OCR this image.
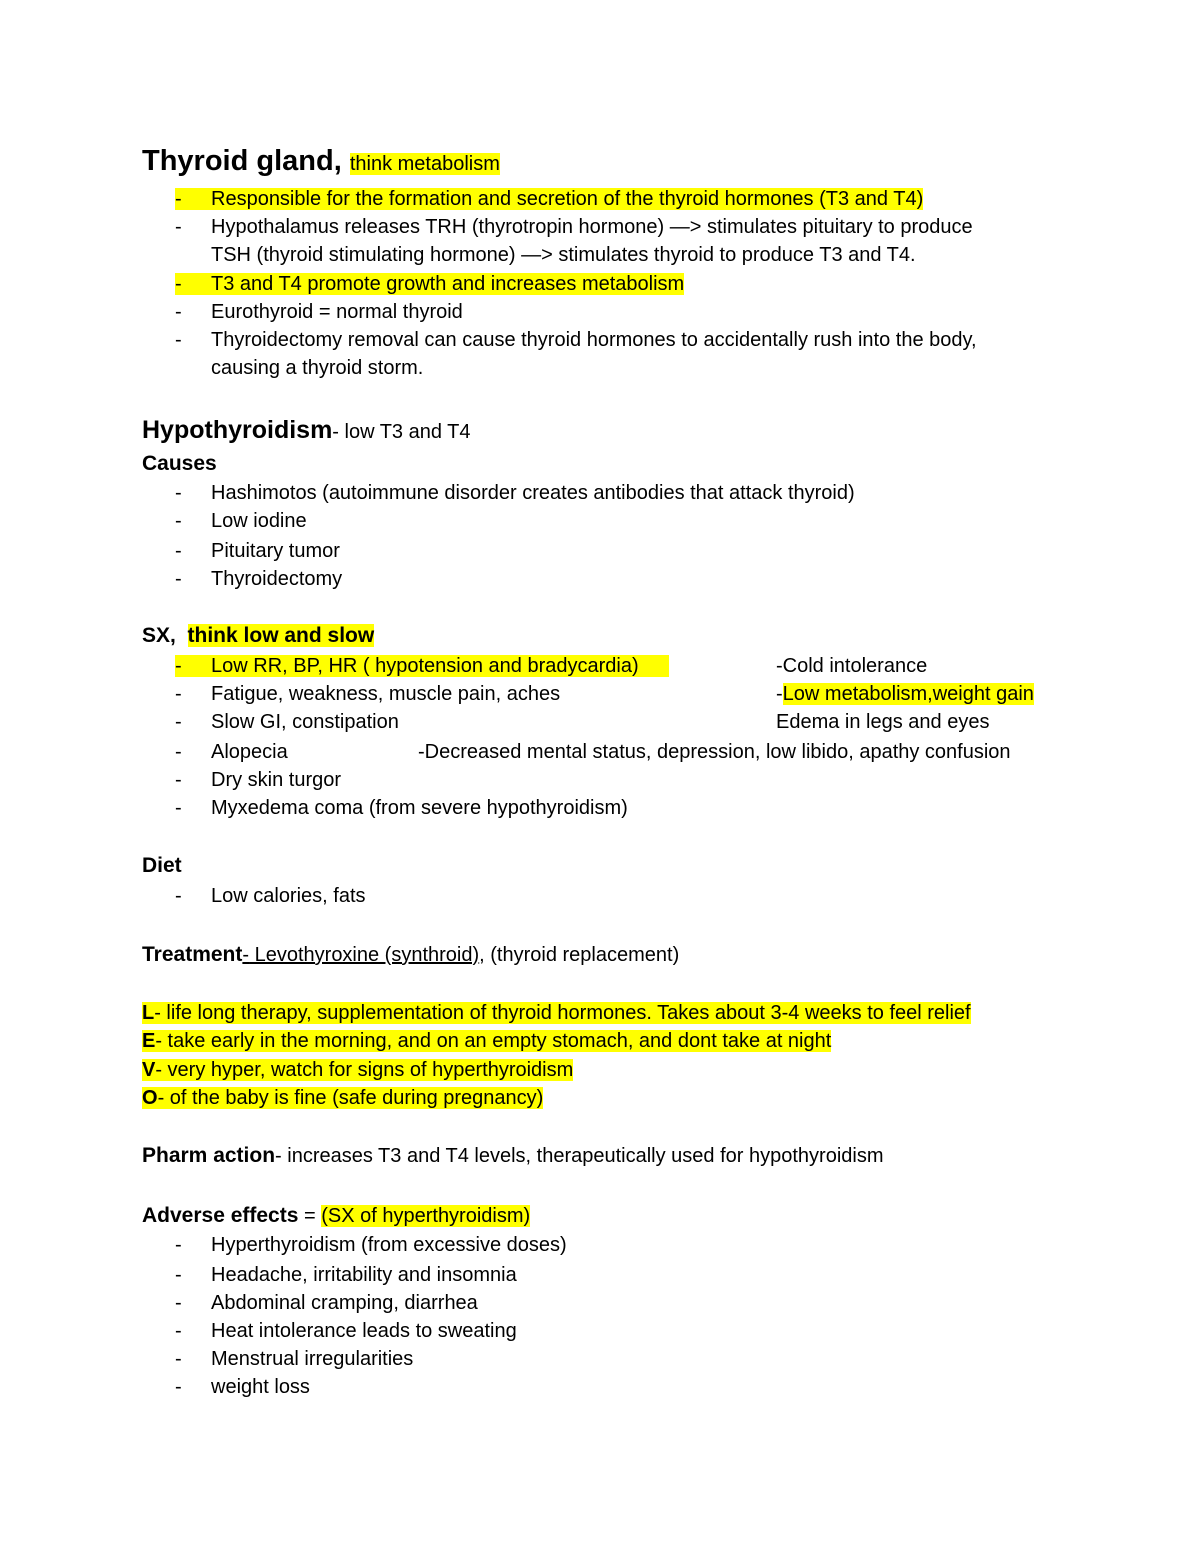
Thyroid gland, think metabolism
- Responsible for the formation and secretion of the thyroid hormones (T3 and T4)
- Hypothalamus releases TRH (thyrotropin hormone) —> stimulates pituitary to produce
TSH (thyroid stimulating hormone) —> stimulates thyroid to produce T3 and T4.
- T3 and T4 promote growth and increases metabolism
- Eurothyroid = normal thyroid
- Thyroidectomy removal can cause thyroid hormones to accidentally rush into the body,
causing a thyroid storm.
Hypothyroidism- low T3 and T4
Causes
- Hashimotos (autoimmune disorder creates antibodies that attack thyroid)
- Low iodine
- Pituitary tumor
- Thyroidectomy
SX, think low and slow
- Low RR, BP, HR ( hypotension and bradycardia)	-Cold intolerance
- Fatigue, weakness, muscle pain, aches	-Low metabolism,weight gain
- Slow GI, constipation	Edema in legs and eyes
- Alopecia	-Decreased mental status, depression, low libido, apathy confusion
- Dry skin turgor
- Myxedema coma (from severe hypothyroidism)
Diet
- Low calories, fats
Treatment- Levothyroxine (synthroid), (thyroid replacement)
L- life long therapy, supplementation of thyroid hormones. Takes about 3-4 weeks to feel relief
E- take early in the morning, and on an empty stomach, and dont take at night
V- very hyper, watch for signs of hyperthyroidism
O- of the baby is fine (safe during pregnancy)
Pharm action- increases T3 and T4 levels, therapeutically used for hypothyroidism
Adverse effects = (SX of hyperthyroidism)
- Hyperthyroidism (from excessive doses)
- Headache, irritability and insomnia
- Abdominal cramping, diarrhea
- Heat intolerance leads to sweating
- Menstrual irregularities
- weight loss
